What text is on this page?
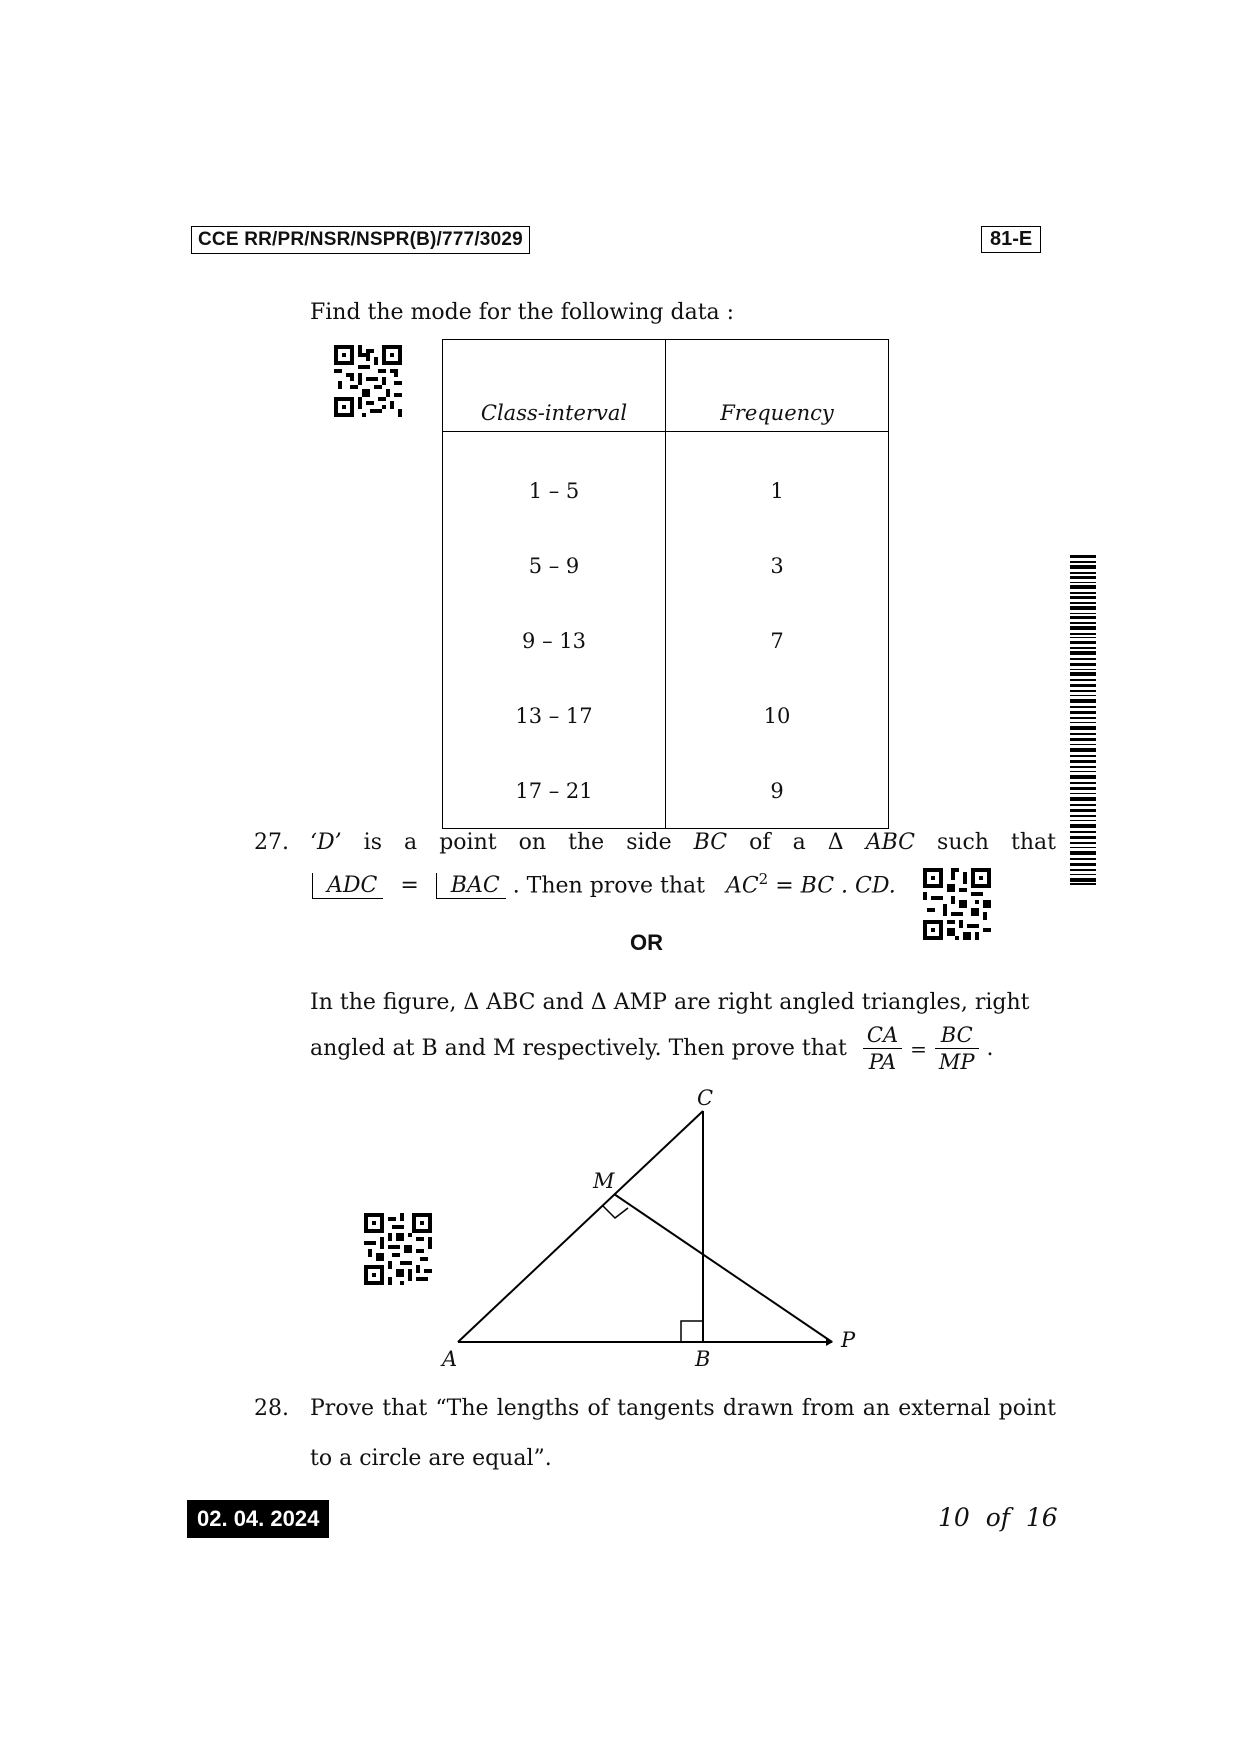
CCE RR/PR/NSR/NSPR(B)/777/3029	81-E
Find the mode for the following data :
Class-interval	Frequency
1 – 5	1
5 – 9	3
9 – 13	7
13 – 17	10
17 – 21	9
27. ‘D’ is a point on the side BC of a Δ ABC such that
ADC = BAC . Then prove that $AC^2$ = BC . CD.
OR
In the figure, Δ ABC and Δ AMP are right angled triangles, right
angled at B and M respectively. Then prove that $\frac{CA}{PA} = \frac{BC}{MP}$ .
A	B
C
M
P
28. Prove that “The lengths of tangents drawn from an external point
to a circle are equal”.
02. 04. 2024	10  of  16
